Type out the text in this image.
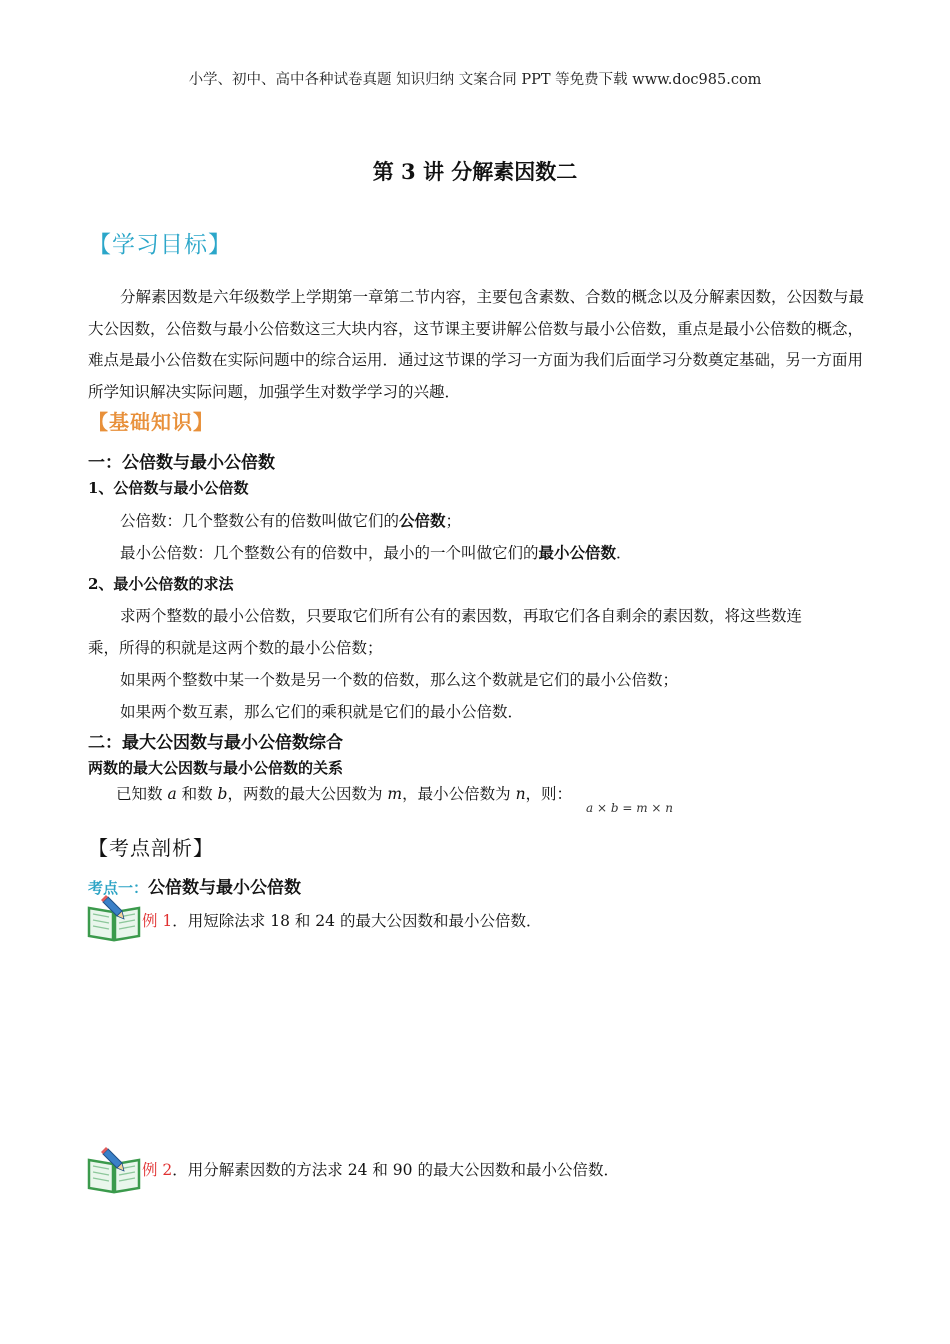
小学、初中、高中各种试卷真题 知识归纳 文案合同 PPT 等免费下载 www.doc985.com
第 3 讲 分解素因数二
【学习目标】
分解素因数是六年级数学上学期第一章第二节内容，主要包含素数、合数的概念以及分解素因数，公因数与最大公因数，公倍数与最小公倍数这三大块内容，这节课主要讲解公倍数与最小公倍数，重点是最小公倍数的概念，难点是最小公倍数在实际问题中的综合运用．通过这节课的学习一方面为我们后面学习分数奠定基础，另一方面用所学知识解决实际问题，加强学生对数学学习的兴趣．
【基础知识】
一：公倍数与最小公倍数
1、公倍数与最小公倍数
公倍数：几个整数公有的倍数叫做它们的公倍数；
最小公倍数：几个整数公有的倍数中，最小的一个叫做它们的最小公倍数．
2、最小公倍数的求法
求两个整数的最小公倍数，只要取它们所有公有的素因数，再取它们各自剩余的素因数，将这些数连
乘，所得的积就是这两个数的最小公倍数；
如果两个整数中某一个数是另一个数的倍数，那么这个数就是它们的最小公倍数；
如果两个数互素，那么它们的乘积就是它们的最小公倍数．
二：最大公因数与最小公倍数综合
两数的最大公因数与最小公倍数的关系
已知数 a 和数 b，两数的最大公因数为 m，最小公倍数为 n，则：
a × b = m × n
【考点剖析】
考点一：公倍数与最小公倍数
例 1．用短除法求 18 和 24 的最大公因数和最小公倍数．
例 2．用分解素因数的方法求 24 和 90 的最大公因数和最小公倍数．
